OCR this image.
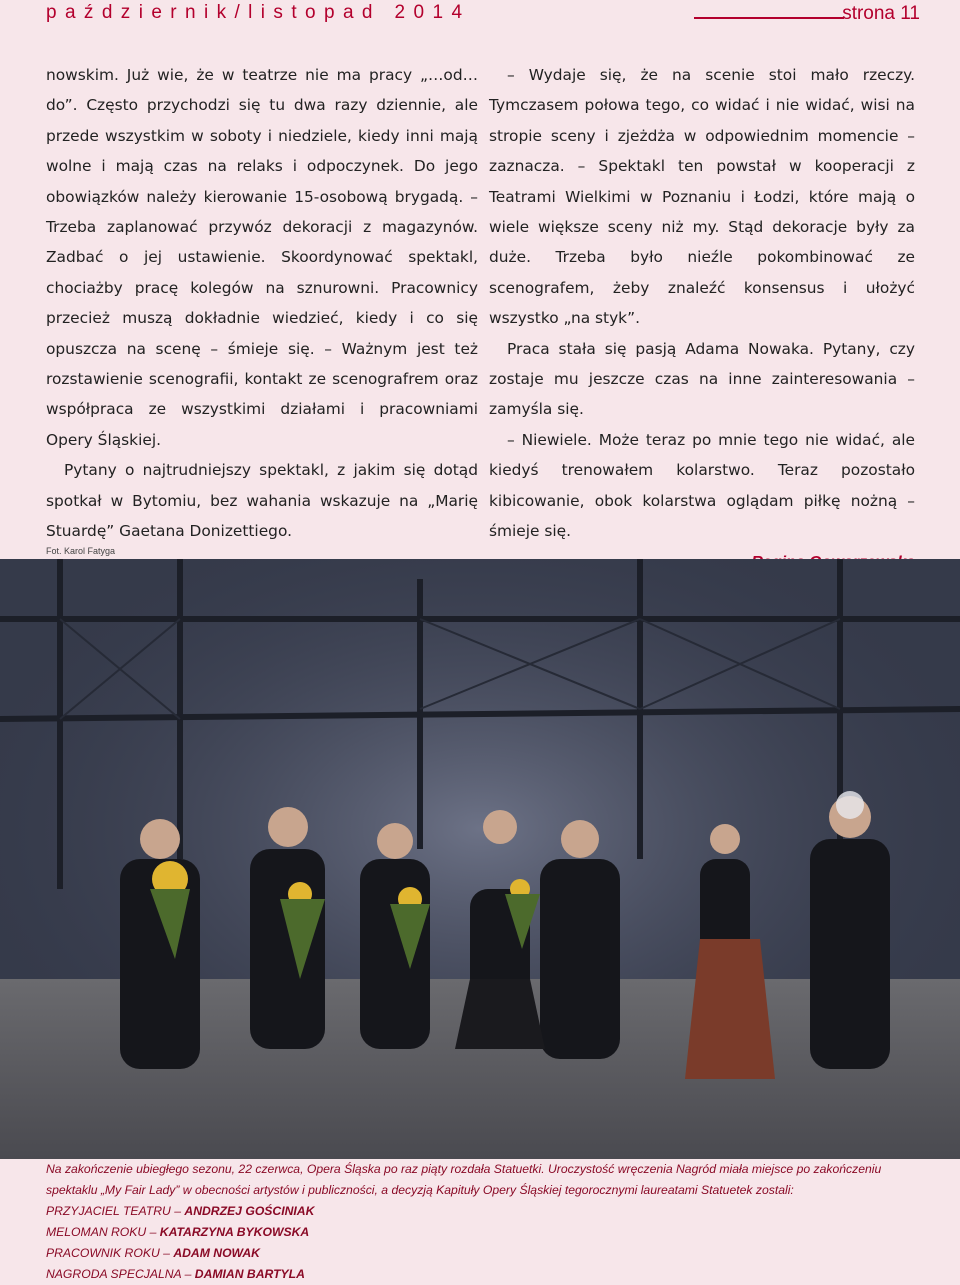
październik/listopad 2014	strona 11

nowskim. Już wie, że w teatrze nie ma pracy „…od… do”. Często przychodzi się tu dwa razy dziennie, ale przede wszystkim w soboty i niedziele, kiedy inni mają wolne i mają czas na relaks i odpoczynek. Do jego obowiązków należy kierowanie 15-osobową brygadą. – Trzeba zaplanować przywóz dekoracji z magazynów. Zadbać o jej ustawienie. Skoordynować spektakl, chociażby pracę kolegów na sznurowni. Pracownicy przecież muszą dokładnie wiedzieć, kiedy i co się opuszcza na scenę – śmieje się. – Ważnym jest też rozstawienie scenografii, kontakt ze scenografrem oraz współpraca ze wszystkimi działami i pracowniami Opery Śląskiej.

Pytany o najtrudniejszy spektakl, z jakim się dotąd spotkał w Bytomiu, bez wahania wskazuje na „Marię Stuardę” Gaetana Donizettiego.

– Wydaje się, że na scenie stoi mało rzeczy. Tymczasem połowa tego, co widać i nie widać, wisi na stropie sceny i zjeżdża w odpowiednim momencie – zaznacza. – Spektakl ten powstał w kooperacji z Teatrami Wielkimi w Poznaniu i Łodzi, które mają o wiele większe sceny niż my. Stąd dekoracje były za duże. Trzeba było nieźle pokombinować ze scenografem, żeby znaleźć konsensus i ułożyć wszystko „na styk”.

Praca stała się pasją Adama Nowaka. Pytany, czy zostaje mu jeszcze czas na inne zainteresowania – zamyśla się.

– Niewiele. Może teraz po mnie tego nie widać, ale kiedyś trenowałem kolarstwo. Teraz pozostało kibicowanie, obok kolarstwa oglądam piłkę nożną – śmieje się.

Fot. Karol Fatyga

Na zakończenie ubiegłego sezonu, 22 czerwca, Opera Śląska po raz piąty rozdała Statuetki. Uroczystość wręczenia Nagród miała miejsce po zakończeniu spektaklu „My Fair Lady” w obecności artystów i publiczności, a decyzją Kapituły Opery Śląskiej tegorocznymi laureatami Statuetek zostali:

PRZYJACIEL TEATRU – ANDRZEJ GOŚCINIAK

MELOMAN ROKU – KATARZYNA BYKOWSKA

PRACOWNIK ROKU – ADAM NOWAK

NAGRODA SPECJALNA – DAMIAN BARTYLA
